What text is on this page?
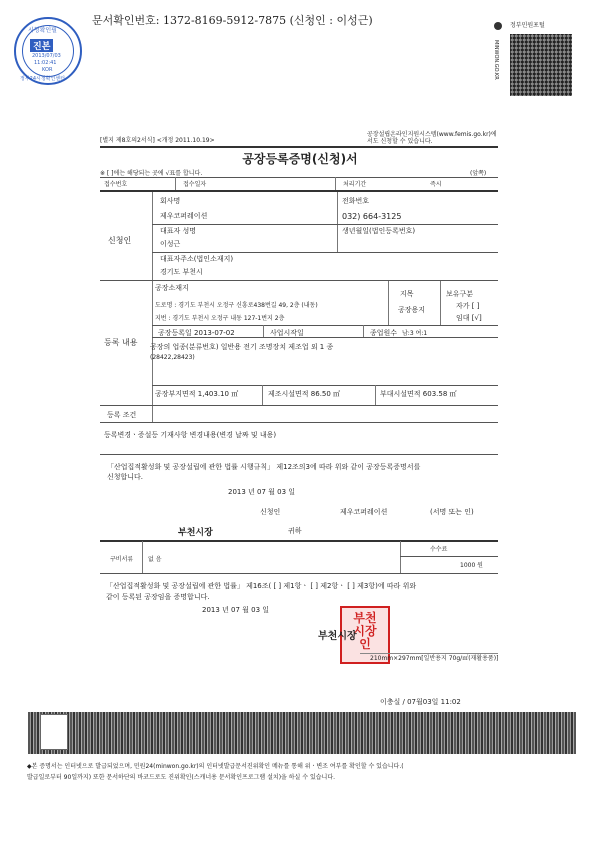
문서확인번호: 1372-8169-5912-7875 (신청인 : 이성근)
시청확인필
진본
2013/07/03
11:02:41
KOR
정부24시청확인센터
정부민원포털
MINWON.GO.KR
[별지 제8호의2서식] <개정 2011.10.19>
공장설립온라인지원시스템(www.femis.go.kr)에서도 신청할 수 있습니다.
공장등록증명(신청)서
※ [ ]에는 해당되는 곳에 √표를 합니다.	(앞쪽)
접수번호	접수일자	처리기간	즉시
신청인
회사명
제우코퍼레이션
전화번호
032) 664-3125
대표자 성명
이성근
생년월일(법인등록번호)
대표자주소(법인소재지)
경기도 부천시
등록 내용
공장소재지
도로명 : 경기도 부천시 오정구 신흥로438번길 49, 2층 (내동)
지번 : 경기도 부천시 오정구 내동 127-1번지 2층
지목
공장용지
보유구분
자가 [ ]
임대 [√]
공장등록일 2013-07-02	사업시작일	종업원수 남:3 여:1
공장의 업종(분류번호) 일반용 전기 조명장치 제조업 외 1 종
(28422,28423)
공장부지면적 1,403.10 ㎡	제조시설면적 86.50 ㎡	부대시설면적 603.58 ㎡
등록 조건
등록변경ㆍ증설등 기재사항 변경내용(변경 날짜 및 내용)
「산업집적활성화 및 공장설립에 관한 법률 시행규칙」 제12조의3에 따라 위와 같이 공장등록증명서를
신청합니다.
2013 년 07 월 03 일
신청인	제우코퍼레이션	(서명 또는 인)
부천시장	귀하
구비서류 없 음
수수료
1000 원
「산업집적활성화 및 공장설립에 관한 법률」 제16조( [ ] 제1항ㆍ [ ] 제2항ㆍ [ ] 제3항)에 따라 위와
같이 등록된 공장임을 증명합니다.
2013 년 07 월 03 일
부천시장인
부천시장
210mm×297mm[일반용지 70g/㎡(재활용품)]
이충실 / 07월03일 11:02
◆본 증명서는 인터넷으로 발급되었으며, 민원24(minwon.go.kr)의 인터넷발급문서진위확인 메뉴를 통해 위ㆍ변조 여부를 확인할 수 있습니다.(
발급일로부터 90일까지) 또한 문서하단의 바코드로도 진위확인(스캐너용 문서확인프로그램 설치)을 하실 수 있습니다.
